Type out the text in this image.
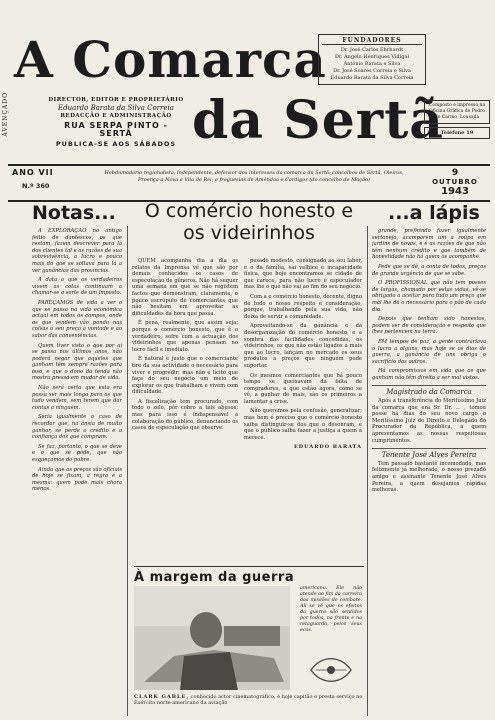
AVENÇADO
A Comarca
da Sertã
FUNDADORES
Dr. José Carlos Ehrhardt
Dr. Angelo Henriques Vidigal
António Barata e Silva
Dr. José Soares Correia e Silva
Eduardo Barata da Silva Correia
DIRECTOR, EDITOR E PROPRIETÁRIO
Eduardo Barata da Silva Correia
REDACÇÃO E ADMINISTRAÇÃO
RUA SERPA PINTO - SERTÃ
PUBLICA-SE AOS SÁBADOS
Composto e impresso na Oficina Gráfica de Pedro do Carmo, Lousada
Telefone 19
ANO VII
N.º 360
Hebdomadário regionalista, independente, defensor dos interesses da comarca da Sertã: concelhos de Sertã, Oleiros, Proença-a-Nova e Vila de Rei; e freguesias de Amêndoa e Cardigos (do concelho de Mação)
9
OUTUBRO
1943
Notas...	O comércio honesto e os videirinhos
...a lápis

A EXPLORAÇÃO no antigo feitio de dantescos, os que restam, fazem descrever para lá dos clientes tal e as razões de sua sobrevivência, a lucro e pouco mais do que se soltava para lá a ver ganâncias das províncias.

A data a que os verdadeiros vivem as cotas continuam a chamar-se a sorte de um imposto.

PAREÇAMOS de vida a ver o que se passa na vida económica actual em todos os campos, onde os que vendem vão pondo nas coisas o seu preço à vontade e ao sabor das conveniências.

Quem tiver visto o que por aí se passa nos últimos anos, não poderá negar que aqueles que ganham têm sempre razões para isso, e que o dono da tenda não mostra pressa em mudar de vida.

Não será certo que esta era possa ser mais longa para os que tudo vendem, sem terem que dar contas a ninguém.

Seria igualmente o caso de recordar que, na ânsia de muito ganhar, se perde o crédito e a confiança dos que compram.

Se faz, portanto, o que se deve e o que se pode, que não esqueçamos do pobre.

Ainda que os preços são oficiais de hoje se fixam, a regra é a mesma: quem pode mais chora menos.

QUEM acompanha dia a dia os relatos da Imprensa vê que são por demais conhecidos os casos de especulação de géneros. Não há sequer uma semana em que se não registem factos que demonstram, claramente, o pouco escrúpulo de comerciantes que não hesitam em aproveitar as dificuldades da hora que passa.

É pena, realmente, que assim seja; porque o comércio honesto, que é o verdadeiro, sofre com a actuação dos videirinhos que apenas pensam no lucro fácil e imediato.

É natural e justo que o comerciante tire da sua actividade o necessário para viver e progredir; mas não é lícito que faça do seu negócio um meio de explorar os que trabalham e vivem com dificuldade.

A fiscalização tem procurado, com todo o zelo, pôr cobro a tais abusos; mas para isso é indispensável a colaboração do público, denunciando os casos de especulação que observe.

pesado modesto, consignado ao seu labor, e o da família, sai velhice e incapacidade física, que hoje encontramos se cidade de que carece, para não lucro e especulador mas lhe o que não vai ao fim do seu negócio.

Com a o comércio honesto, decente, digno de todo o nosso respeito e consideração, porque, trabalhando pela sua vida, não deixa de servir a comunidade.

Aproveitando-se da ganância e da desorganização do comércio honesto, e a sombra das facilidades concedidas, os videirinhos, os que não estão ligados a mais que ao lucro, lançam no mercado os seus produtos a preços que ninguém pode suportar.

Os mesmos comerciantes que há pouco tempo se queixavam da falta de compradores, e que estão agora, como se vê, a ganhar de mais, são os primeiros a lamentar a crise.

Não queremos pela confusão, generalizar; mas bem é preciso que o comércio honesto saiba distinguir-se dos que o desonram, e que o público saiba fazer a justiça a quem a merece.

EDUARDO BARATA

grande, prefirindo fazer igualmente sertanejo, acamparem um a roupa em jardins de novos, e é as razões de que não têm nenhum crédito e que também de honestidade não há quem os acompanhe.

Pede que se dê, a conta de todos, preços de grande urgência de que se sabe.

O PROFISSIONAL que não tem posses de largas, chamado por estas vidas, vê-se obrigado a aceitar para tudo um preço que mal lhe dá o necessário para o pão de cada dia.

Depois que tenham sido honestos, podem ser de consideração e respeito que lhes pertencem na terra.

EM tempos de paz, a gente contrariava o lucro a alguns, mas hoje se os dias de guerra, a ganância de uns obriga o sacrifício dos outros.

Há compromissos em vida que os que ganham não têm direito a ser mal vistos.

Magistrado da Comarca

Após a transferência do Meritíssimo Juiz da comarca que era Sr. Dr. ... , tomou posse há dias do seu novo cargo o Meritíssimo Juiz de Direito e Delegado do Procurador da República, a quem apresentamos as nossas respeitosas cumprimentos.

Tenente José Alves Pereira

Tem passado bastante incomodado, mas felizmente já melhorado, o nosso prezado amigo e assinante Tenente José Alves Pereira, a quem desejamos rápidas melhoras.

À margem da guerra
americano. Ele não atende ao fim da carreira das missões de combate. Ali se vê que os efeitos da guerra são sentidos por todos, na frente e na retaguarda, pelos seus ecos.
CLARK GABLE, conhecido actor cinematográfico, é hoje capitão e presta serviço no Exército norte-americano da aviação
